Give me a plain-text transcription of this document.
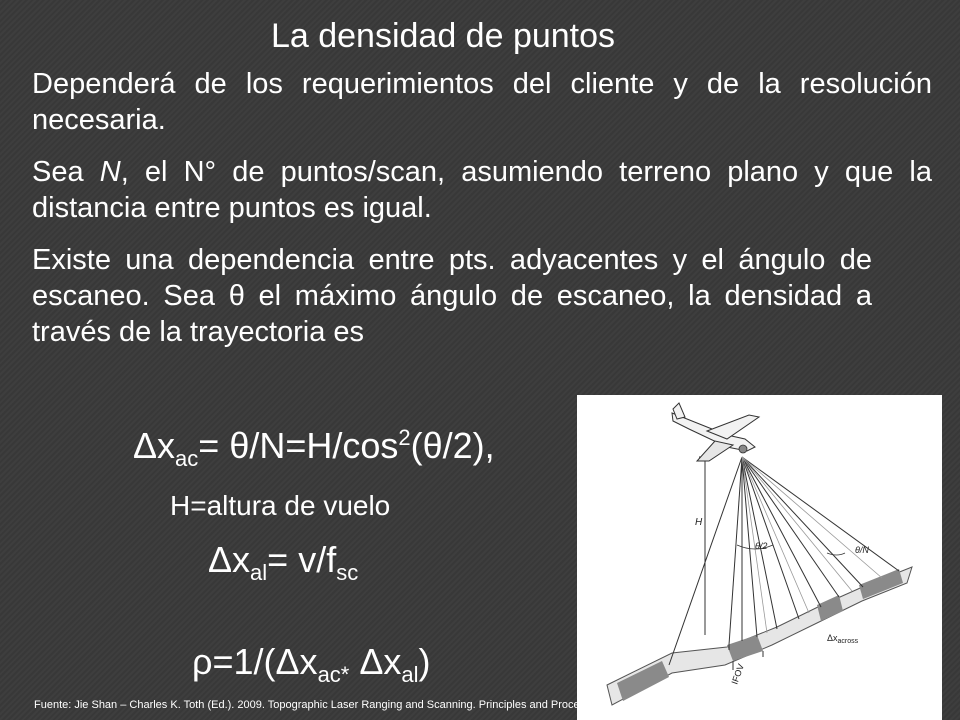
La densidad de puntos
Dependerá de los requerimientos del cliente y de la resolución necesaria.
Sea N, el N° de puntos/scan, asumiendo terreno plano y que la distancia entre puntos es igual.
Existe una dependencia entre pts. adyacentes y el ángulo de escaneo. Sea θ el máximo ángulo de escaneo, la densidad a través de la trayectoria es
$\Delta x_{ac}= \theta/N=H/\cos^2(\theta/2)$,
H=altura de vuelo
$\Delta x_{al}= v/f_{sc}$
$\rho=1/(\Delta x_{ac*}$ $\Delta x_{al}$)
H
θ/2	θ/N
$\Delta x_{across}$
IFOV
Fuente: Jie Shan – Charles K. Toth (Ed.). 2009. Topographic Laser Ranging and Scanning. Principles and Processing.
